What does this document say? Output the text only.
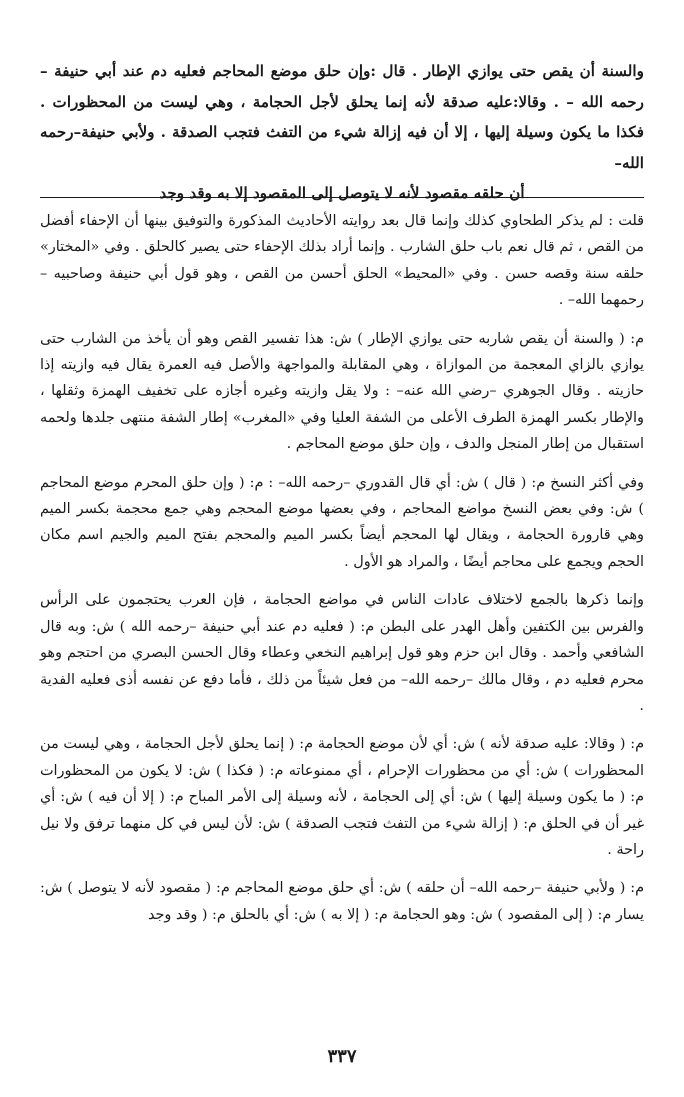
والسنة أن يقص حتى يوازي الإطار . قال :وإن حلق موضع المحاجم فعليه دم عند أبي حنيفة – رحمه الله – . وقالا:عليه صدقة لأنه إنما يحلق لأجل الحجامة ، وهي ليست من المحظورات . فكذا ما يكون وسيلة إليها ، إلا أن فيه إزالة شيء من التفث فتجب الصدقة . ولأبي حنيفة–رحمه الله–
أن حلقه مقصود لأنه لا يتوصل إلى المقصود إلا به وقد وجد

قلت : لم يذكر الطحاوي كذلك وإنما قال بعد روايته الأحاديث المذكورة والتوفيق بينها أن الإحفاء أفضل من القص ، ثم قال نعم باب حلق الشارب . وإنما أراد بذلك الإحفاء حتى يصير كالحلق . وفي «المختار» حلقه سنة وقصه حسن . وفي «المحيط» الحلق أحسن من القص ، وهو قول أبي حنيفة وصاحبيه –رحمهما الله– .

م: ( والسنة أن يقص شاربه حتى يوازي الإطار ) ش: هذا تفسير القص وهو أن يأخذ من الشارب حتى يوازي بالزاي المعجمة من الموازاة ، وهي المقابلة والمواجهة والأصل فيه العمرة يقال فيه وازيته إذا حازيته . وقال الجوهري –رضي الله عنه– : ولا يقل وازيته وغيره أجازه على تخفيف الهمزة وثقلها ، والإطار بكسر الهمزة الطرف الأعلى من الشفة العليا وفي «المغرب» إطار الشفة منتهى جلدها ولحمه استقبال من إطار المنجل والدف ، وإن حلق موضع المحاجم .

وفي أكثر النسخ م: ( قال ) ش: أي قال القدوري –رحمه الله– : م: ( وإن حلق المحرم موضع المحاجم ) ش: وفي بعض النسخ مواضع المحاجم ، وفي بعضها موضع المحجم وهي جمع محجمة بكسر الميم وهي قارورة الحجامة ، ويقال لها المحجم أيضاً بكسر الميم والمحجم بفتح الميم والجيم اسم مكان الحجم ويجمع على محاجم أيضًا ، والمراد هو الأول .

وإنما ذكرها بالجمع لاختلاف عادات الناس في مواضع الحجامة ، فإن العرب يحتجمون على الرأس والفرس بين الكتفين وأهل الهدر على البطن م: ( فعليه دم عند أبي حنيفة –رحمه الله ) ش: وبه قال الشافعي وأحمد . وقال ابن حزم وهو قول إبراهيم النخعي وعطاء وقال الحسن البصري من احتجم وهو محرم فعليه دم ، وقال مالك –رحمه الله– من فعل شيئاً من ذلك ، فأما دفع عن نفسه أذى فعليه الفدية .

م: ( وقالا: عليه صدقة لأنه ) ش: أي لأن موضع الحجامة م: ( إنما يحلق لأجل الحجامة ، وهي ليست من المحظورات ) ش: أي من محظورات الإحرام ، أي ممنوعاته م: ( فكذا ) ش: لا يكون من المحظورات م: ( ما يكون وسيلة إليها ) ش: أي إلى الحجامة ، لأنه وسيلة إلى الأمر المباح م: ( إلا أن فيه ) ش: أي غير أن في الحلق م: ( إزالة شيء من التفث فتجب الصدقة ) ش: لأن ليس في كل منهما ترفق ولا نيل راحة .

م: ( ولأبي حنيفة –رحمه الله– أن حلقه ) ش: أي حلق موضع المحاجم م: ( مقصود لأنه لا يتوصل ) ش: يسار م: ( إلى المقصود ) ش: وهو الحجامة م: ( إلا به ) ش: أي بالحلق م: ( وقد وجد

٣٣٧
